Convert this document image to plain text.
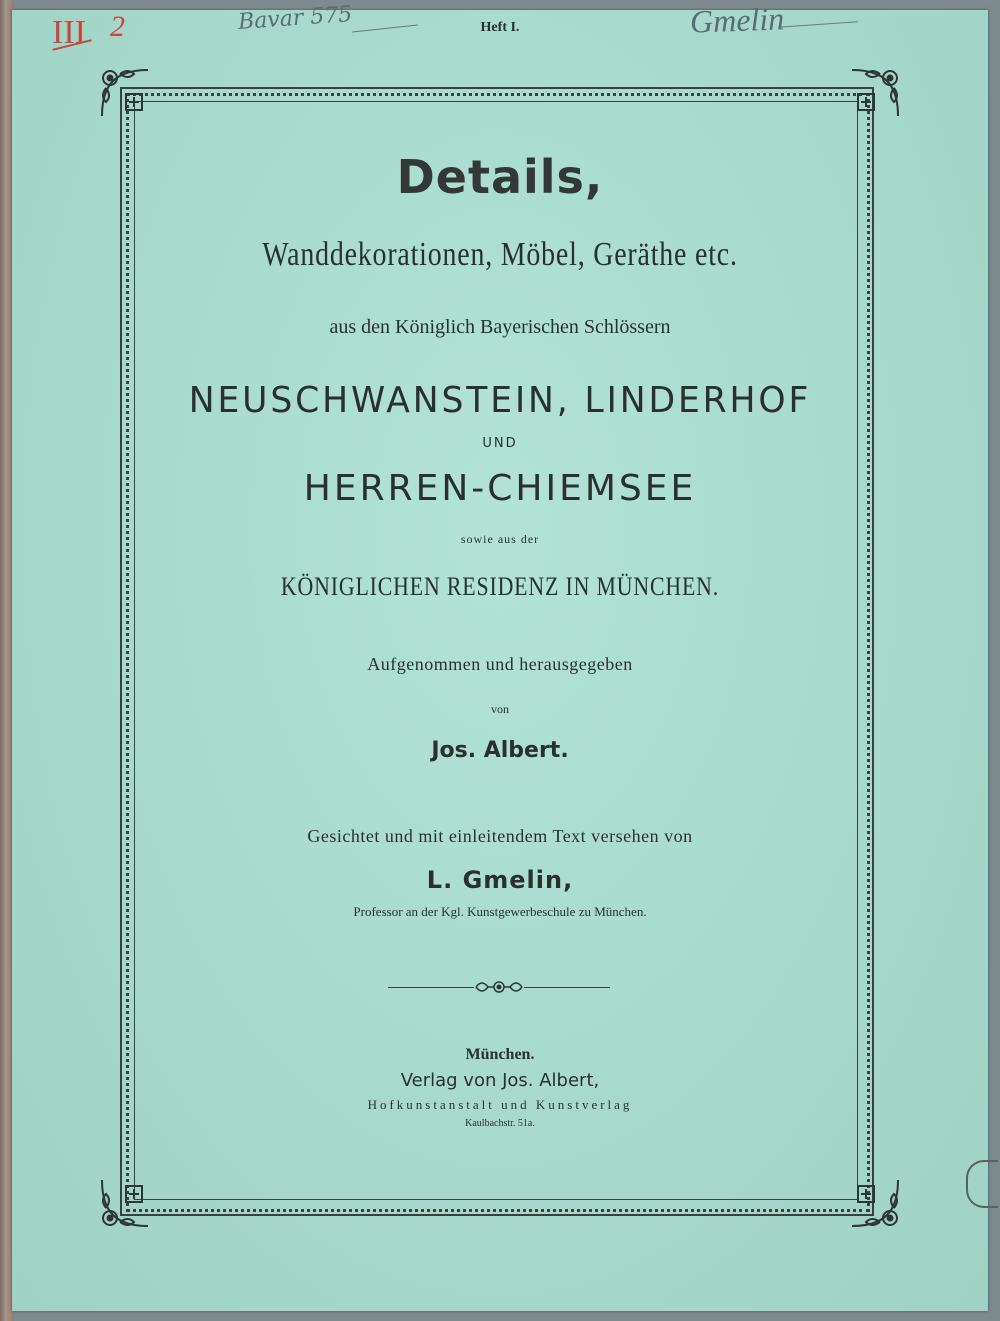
III 2	Bavar 575	Heft I.	Gmelin
Details,
Wanddekorationen, Möbel, Geräthe etc.
aus den Königlich Bayerischen Schlössern
NEUSCHWANSTEIN, LINDERHOF
UND
HERREN-CHIEMSEE
sowie aus der
KÖNIGLICHEN RESIDENZ IN MÜNCHEN.
Aufgenommen und herausgegeben
von
Jos. Albert.
Gesichtet und mit einleitendem Text versehen von
L. Gmelin,
Professor an der Kgl. Kunstgewerbeschule zu München.
München.
Verlag von Jos. Albert,
Hofkunstanstalt und Kunstverlag
Kaulbachstr. 51a.
